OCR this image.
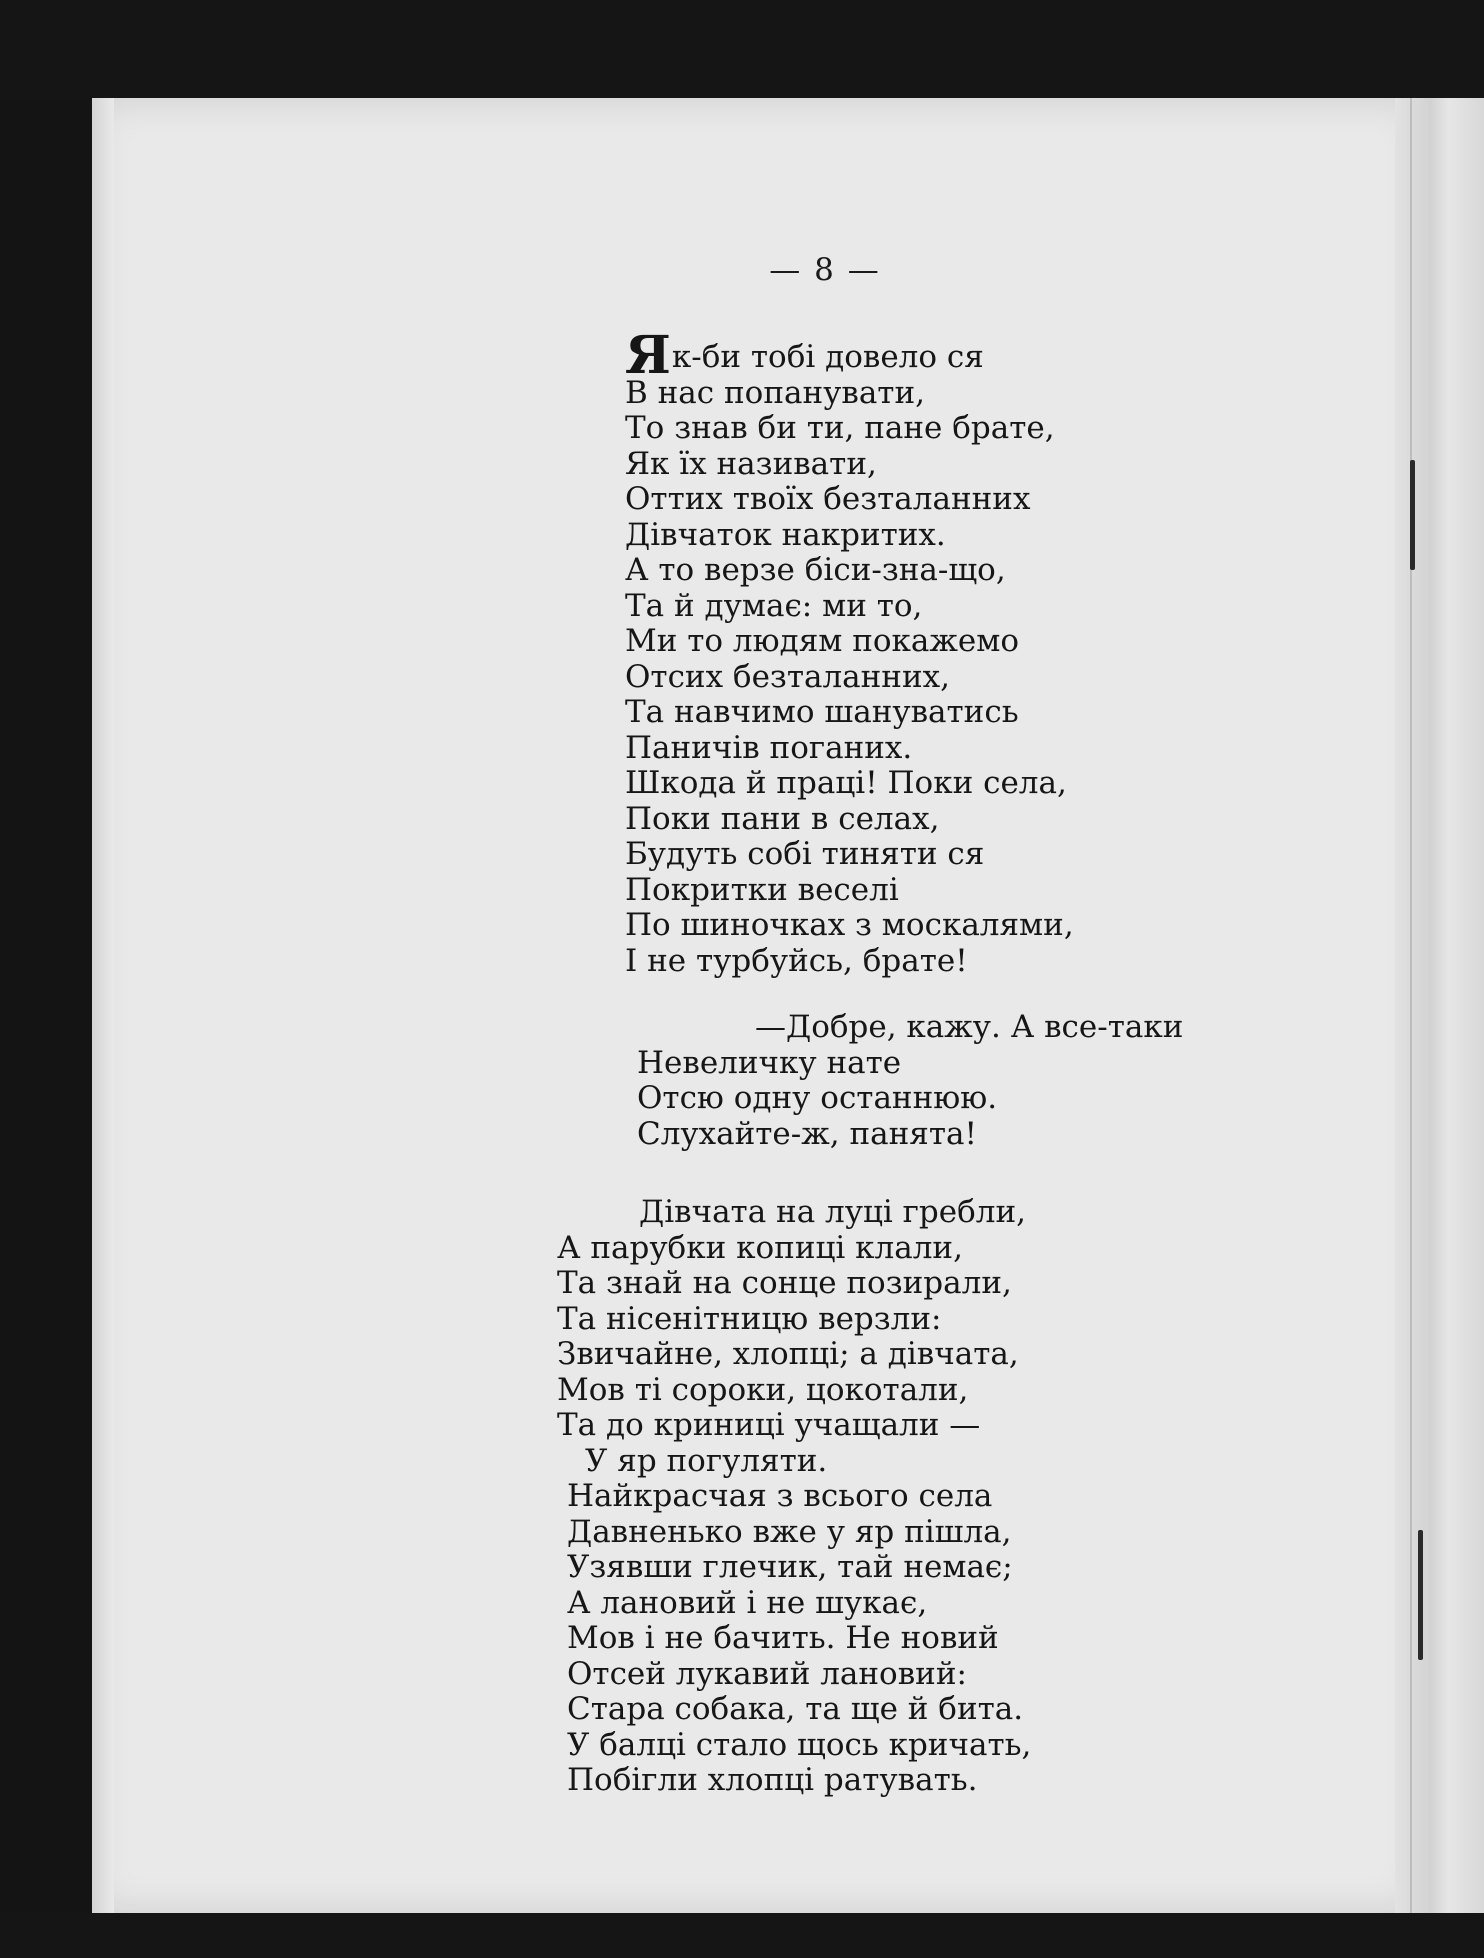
— 8 —
Як-би тобі довело ся
В нас попанувати,
То знав би ти, пане брате,
Як їх називати,
Оттих твоїх безталанних
Дівчаток накритих.
А то верзе біси-зна-що,
Та й думає: ми то,
Ми то людям покажемо
Отсих безталанних,
Та навчимо шануватись
Паничів поганих.
Шкода й праці! Поки села,
Поки пани в селах,
Будуть собі тиняти ся
Покритки веселі
По шиночках з москалями,
І не турбуйсь, брате!
—Добре, кажу. А все-таки
Невеличку нате
Отсю одну останнюю.
Слухайте-ж, панята!
Дівчата на луці гребли,
А парубки копиці клали,
Та знай на сонце позирали,
Та нісенітницю верзли:
Звичайне, хлопці; а дівчата,
Мов ті сороки, цокотали,
Та до криниці учащали —
У яр погуляти.
Найкрасчая з всього села
Давненько вже у яр пішла,
Узявши глечик, тай немає;
А лановий і не шукає,
Мов і не бачить. Не новий
Отсей лукавий лановий:
Стара собака, та ще й бита.
У балці стало щось кричать,
Побігли хлопці ратувать.
